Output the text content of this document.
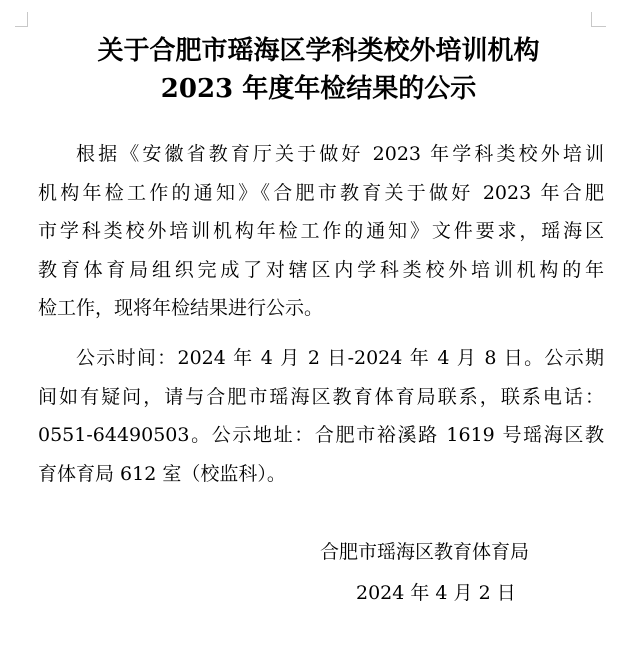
关于合肥市瑶海区学科类校外培训机构
2023 年度年检结果的公示
根据《安徽省教育厅关于做好 2023 年学科类校外培训
机构年检工作的通知》《合肥市教育关于做好 2023 年合肥
市学科类校外培训机构年检工作的通知》文件要求，瑶海区
教育体育局组织完成了对辖区内学科类校外培训机构的年
检工作，现将年检结果进行公示。
公示时间：2024 年 4 月 2 日-2024 年 4 月 8 日。公示期
间如有疑问，请与合肥市瑶海区教育体育局联系，联系电话：
0551-64490503。公示地址：合肥市裕溪路 1619 号瑶海区教
育体育局 612 室（校监科）。
合肥市瑶海区教育体育局
2024 年 4 月 2 日
